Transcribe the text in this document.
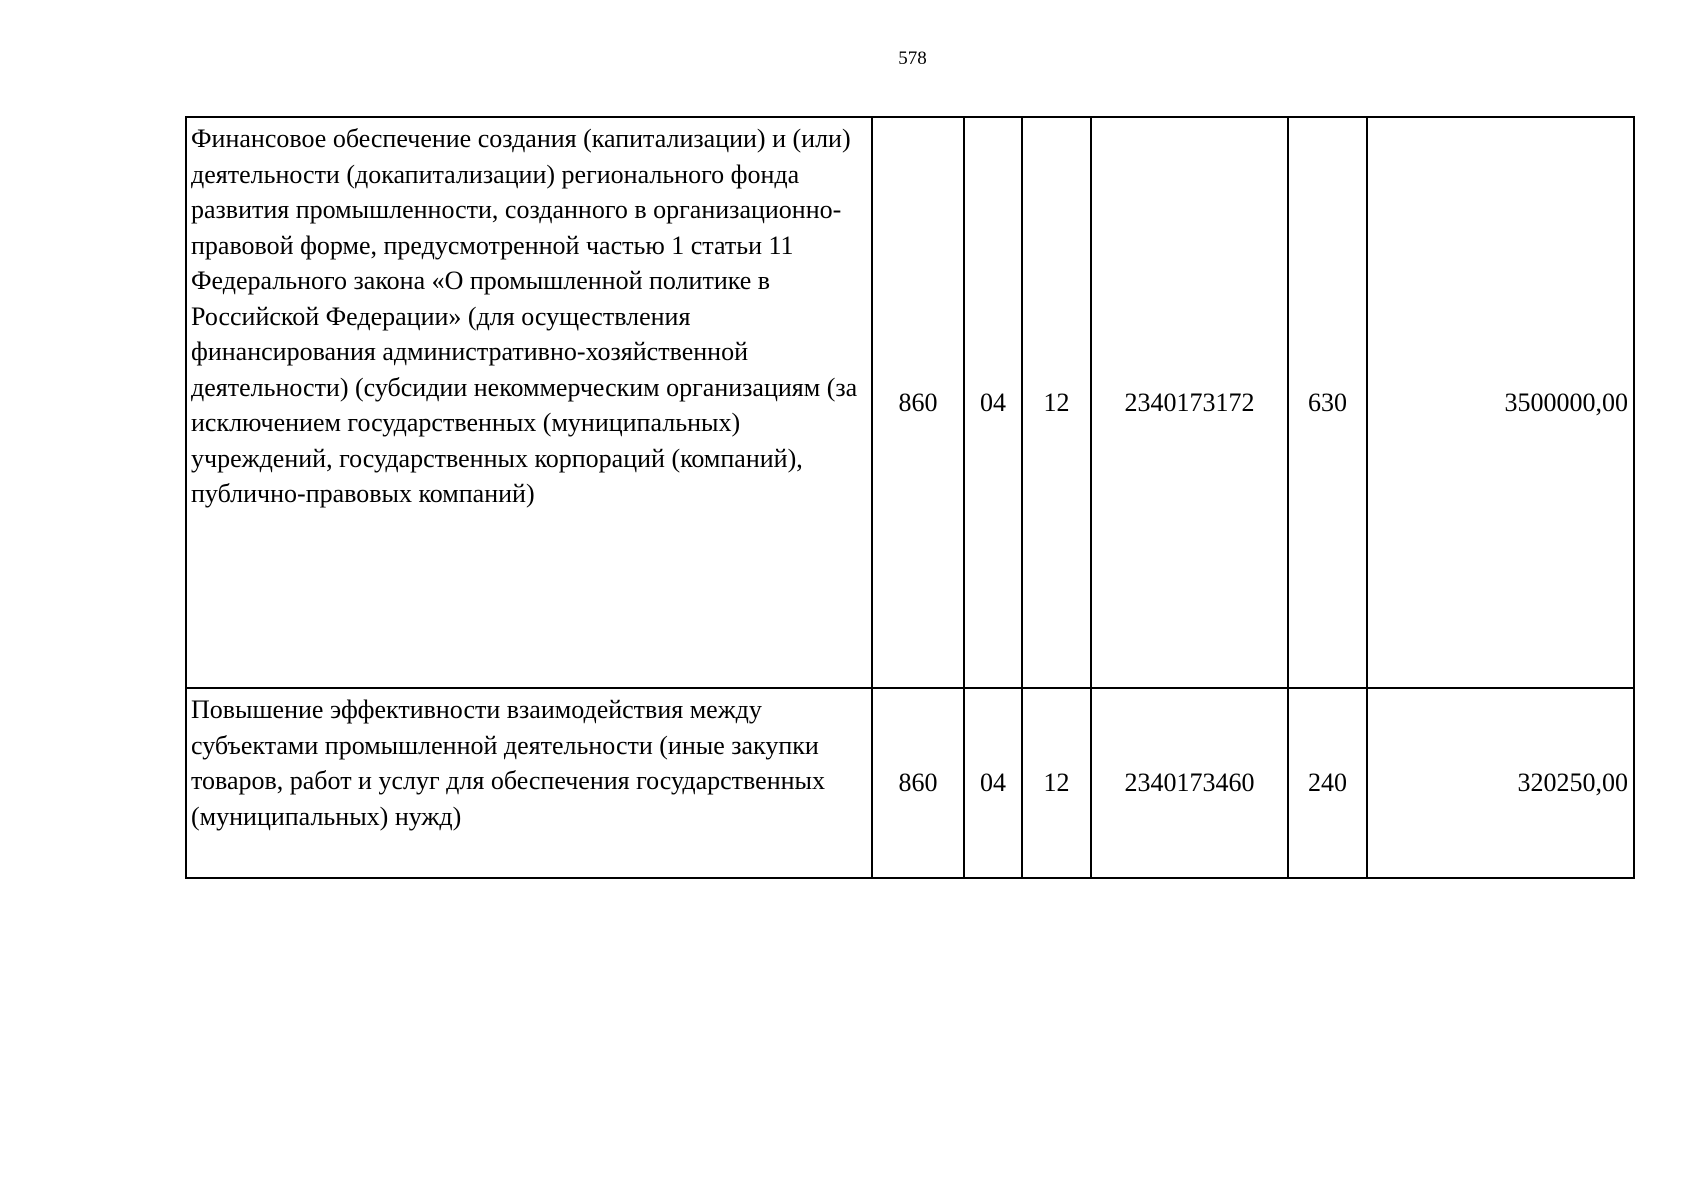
578
Финансовое обеспечение создания (капитализации) и (или) деятельности (докапитализации) регионального фонда развития промышленности, созданного в организационно-правовой форме, предусмотренной частью 1 статьи 11 Федерального закона «О промышленной политике в Российской Федерации» (для осуществления финансирования административно-хозяйственной деятельности) (субсидии некоммерческим организациям (за исключением государственных (муниципальных) учреждений, государственных корпораций (компаний), публично-правовых компаний)	860	04	12	2340173172	630	3500000,00
Повышение эффективности взаимодействия между субъектами промышленной деятельности (иные закупки товаров, работ и услуг для обеспечения государственных (муниципальных) нужд)	860	04	12	2340173460	240	320250,00
